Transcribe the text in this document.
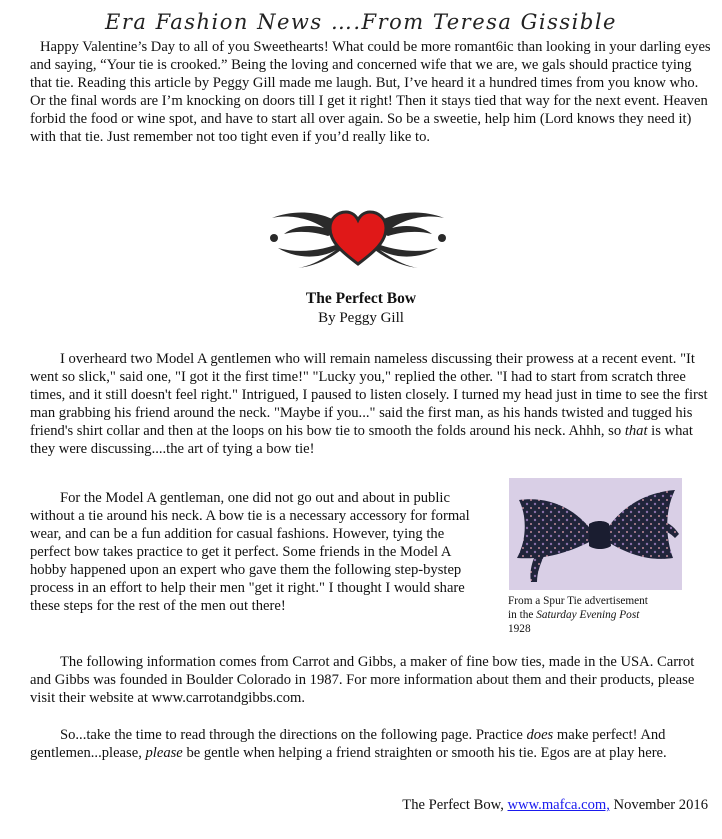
Era Fashion News ….From Teresa Gissible

Happy Valentine’s Day to all of you Sweethearts! What could be more romant6ic than looking in your darling eyes and saying, “Your tie is crooked.” Being the loving and concerned wife that we are, we gals should practice tying that tie. Reading this article by Peggy Gill made me laugh. But, I’ve heard it a hundred times from you know who. Or the final words are I’m knocking on doors till I get it right! Then it stays tied that way for the next event. Heaven forbid the food or wine spot, and have to start all over again. So be a sweetie, help him (Lord knows they need it) with that tie. Just remember not too tight even if you’d really like to.

The Perfect Bow
By Peggy Gill

I overheard two Model A gentlemen who will remain nameless discussing their prowess at a recent event. "It went so slick," said one, "I got it the first time!" "Lucky you," replied the other. "I had to start from scratch three times, and it still doesn't feel right." Intrigued, I paused to listen closely. I turned my head just in time to see the first man grabbing his friend around the neck. "Maybe if you..." said the first man, as his hands twisted and tugged his friend's shirt collar and then at the loops on his bow tie to smooth the folds around his neck. Ahhh, so that is what they were discussing....the art of tying a bow tie!

For the Model A gentleman, one did not go out and about in public without a tie around his neck. A bow tie is a necessary accessory for formal wear, and can be a fun addition for casual fashions. However, tying the perfect bow takes practice to get it perfect. Some friends in the Model A hobby happened upon an expert who gave them the following step-bystep process in an effort to help their men "get it right." I thought I would share these steps for the rest of the men out there!	From a Spur Tie advertisement
in the Saturday Evening Post
1928

The following information comes from Carrot and Gibbs, a maker of fine bow ties, made in the USA. Carrot and Gibbs was founded in Boulder Colorado in 1987. For more information about them and their products, please visit their website at www.carrotandgibbs.com.

So...take the time to read through the directions on the following page. Practice does make perfect! And gentlemen...please, please be gentle when helping a friend straighten or smooth his tie. Egos are at play here.

The Perfect Bow, www.mafca.com, November 2016
